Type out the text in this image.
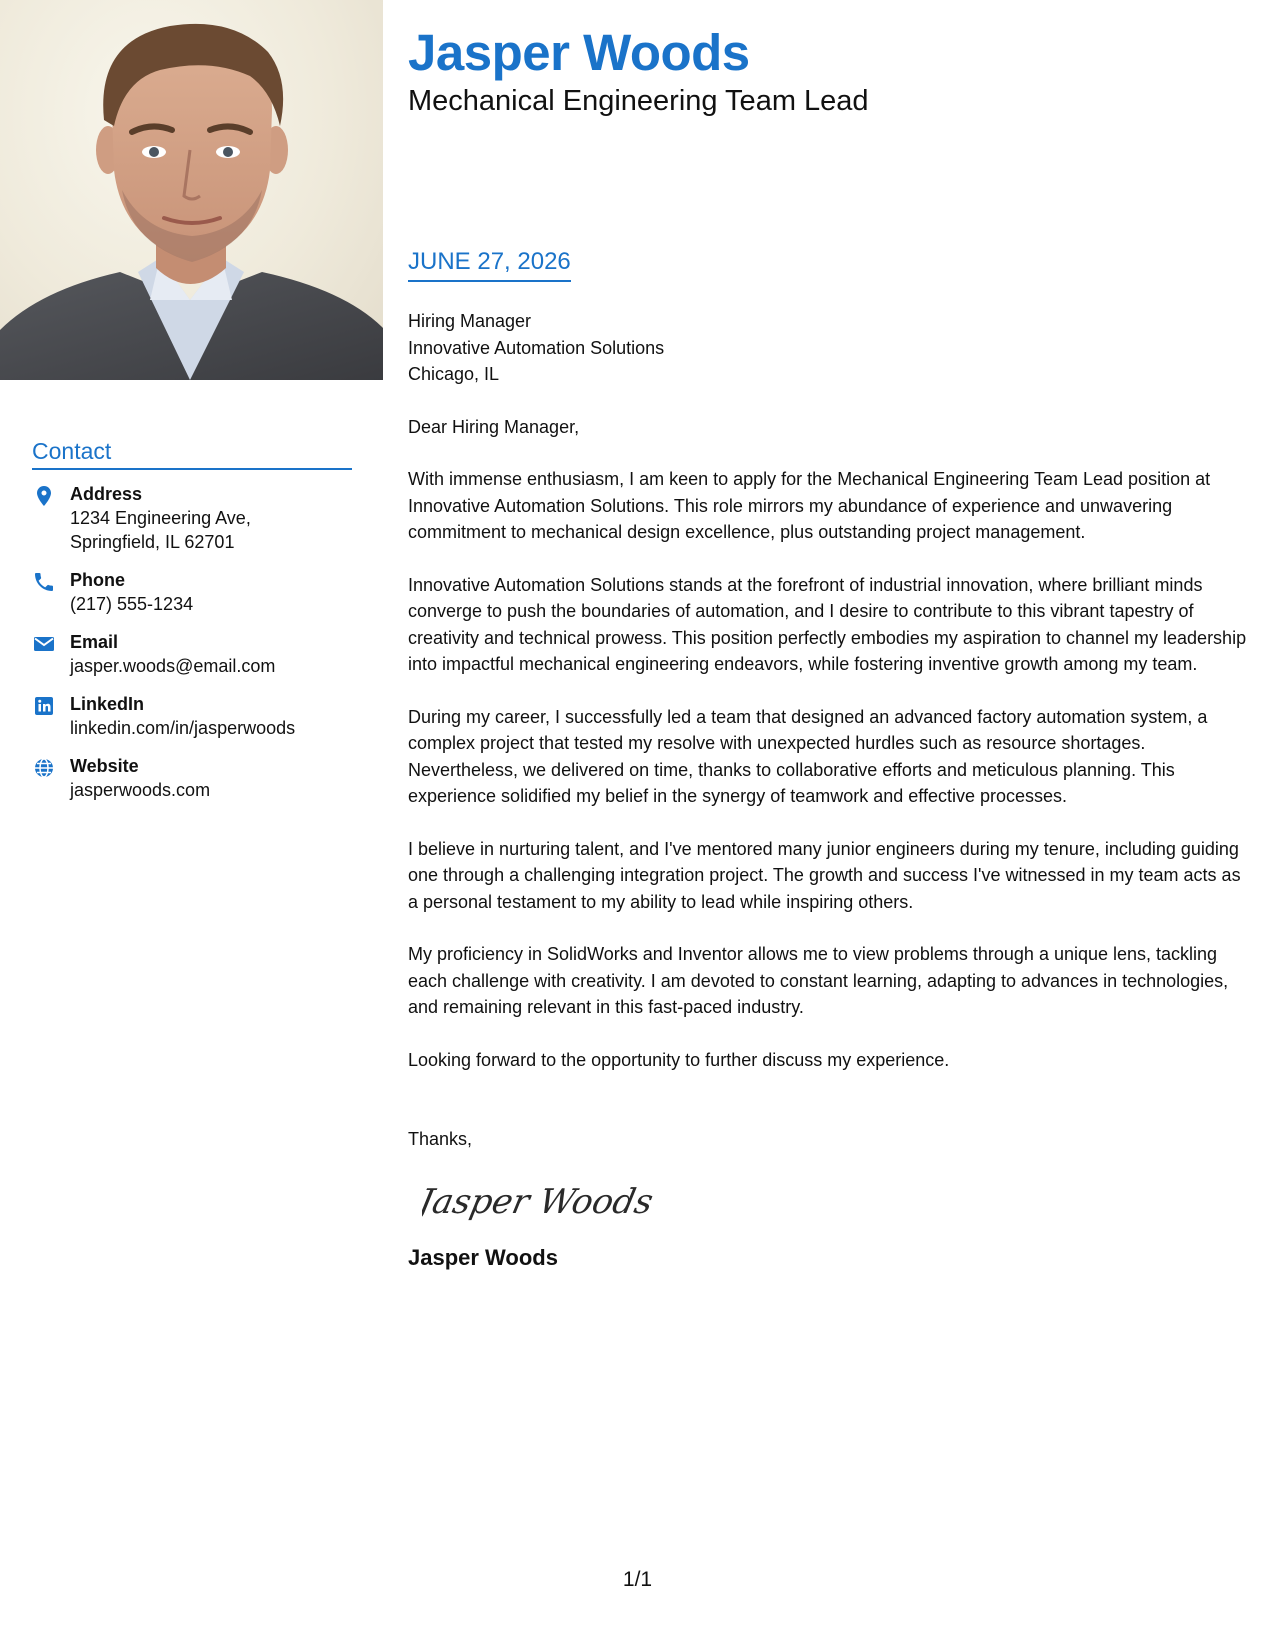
Contact
Address
1234 Engineering Ave,
Springfield, IL 62701
Phone
(217) 555-1234
Email
jasper.woods@email.com
LinkedIn
linkedin.com/in/jasperwoods
Website
jasperwoods.com
Jasper Woods
Mechanical Engineering Team Lead
JUNE 27, 2026
Hiring Manager
Innovative Automation Solutions
Chicago, IL

Dear Hiring Manager,

With immense enthusiasm, I am keen to apply for the Mechanical Engineering Team Lead position at Innovative Automation Solutions. This role mirrors my abundance of experience and unwavering commitment to mechanical design excellence, plus outstanding project management.

Innovative Automation Solutions stands at the forefront of industrial innovation, where brilliant minds converge to push the boundaries of automation, and I desire to contribute to this vibrant tapestry of creativity and technical prowess. This position perfectly embodies my aspiration to channel my leadership into impactful mechanical engineering endeavors, while fostering inventive growth among my team.

During my career, I successfully led a team that designed an advanced factory automation system, a complex project that tested my resolve with unexpected hurdles such as resource shortages. Nevertheless, we delivered on time, thanks to collaborative efforts and meticulous planning. This experience solidified my belief in the synergy of teamwork and effective processes.

I believe in nurturing talent, and I've mentored many junior engineers during my tenure, including guiding one through a challenging integration project. The growth and success I've witnessed in my team acts as a personal testament to my ability to lead while inspiring others.

My proficiency in SolidWorks and Inventor allows me to view problems through a unique lens, tackling each challenge with creativity. I am devoted to constant learning, adapting to advances in technologies, and remaining relevant in this fast-paced industry.

Looking forward to the opportunity to further discuss my experience.

Thanks,

Jasper Woods
Jasper Woods
1/1
